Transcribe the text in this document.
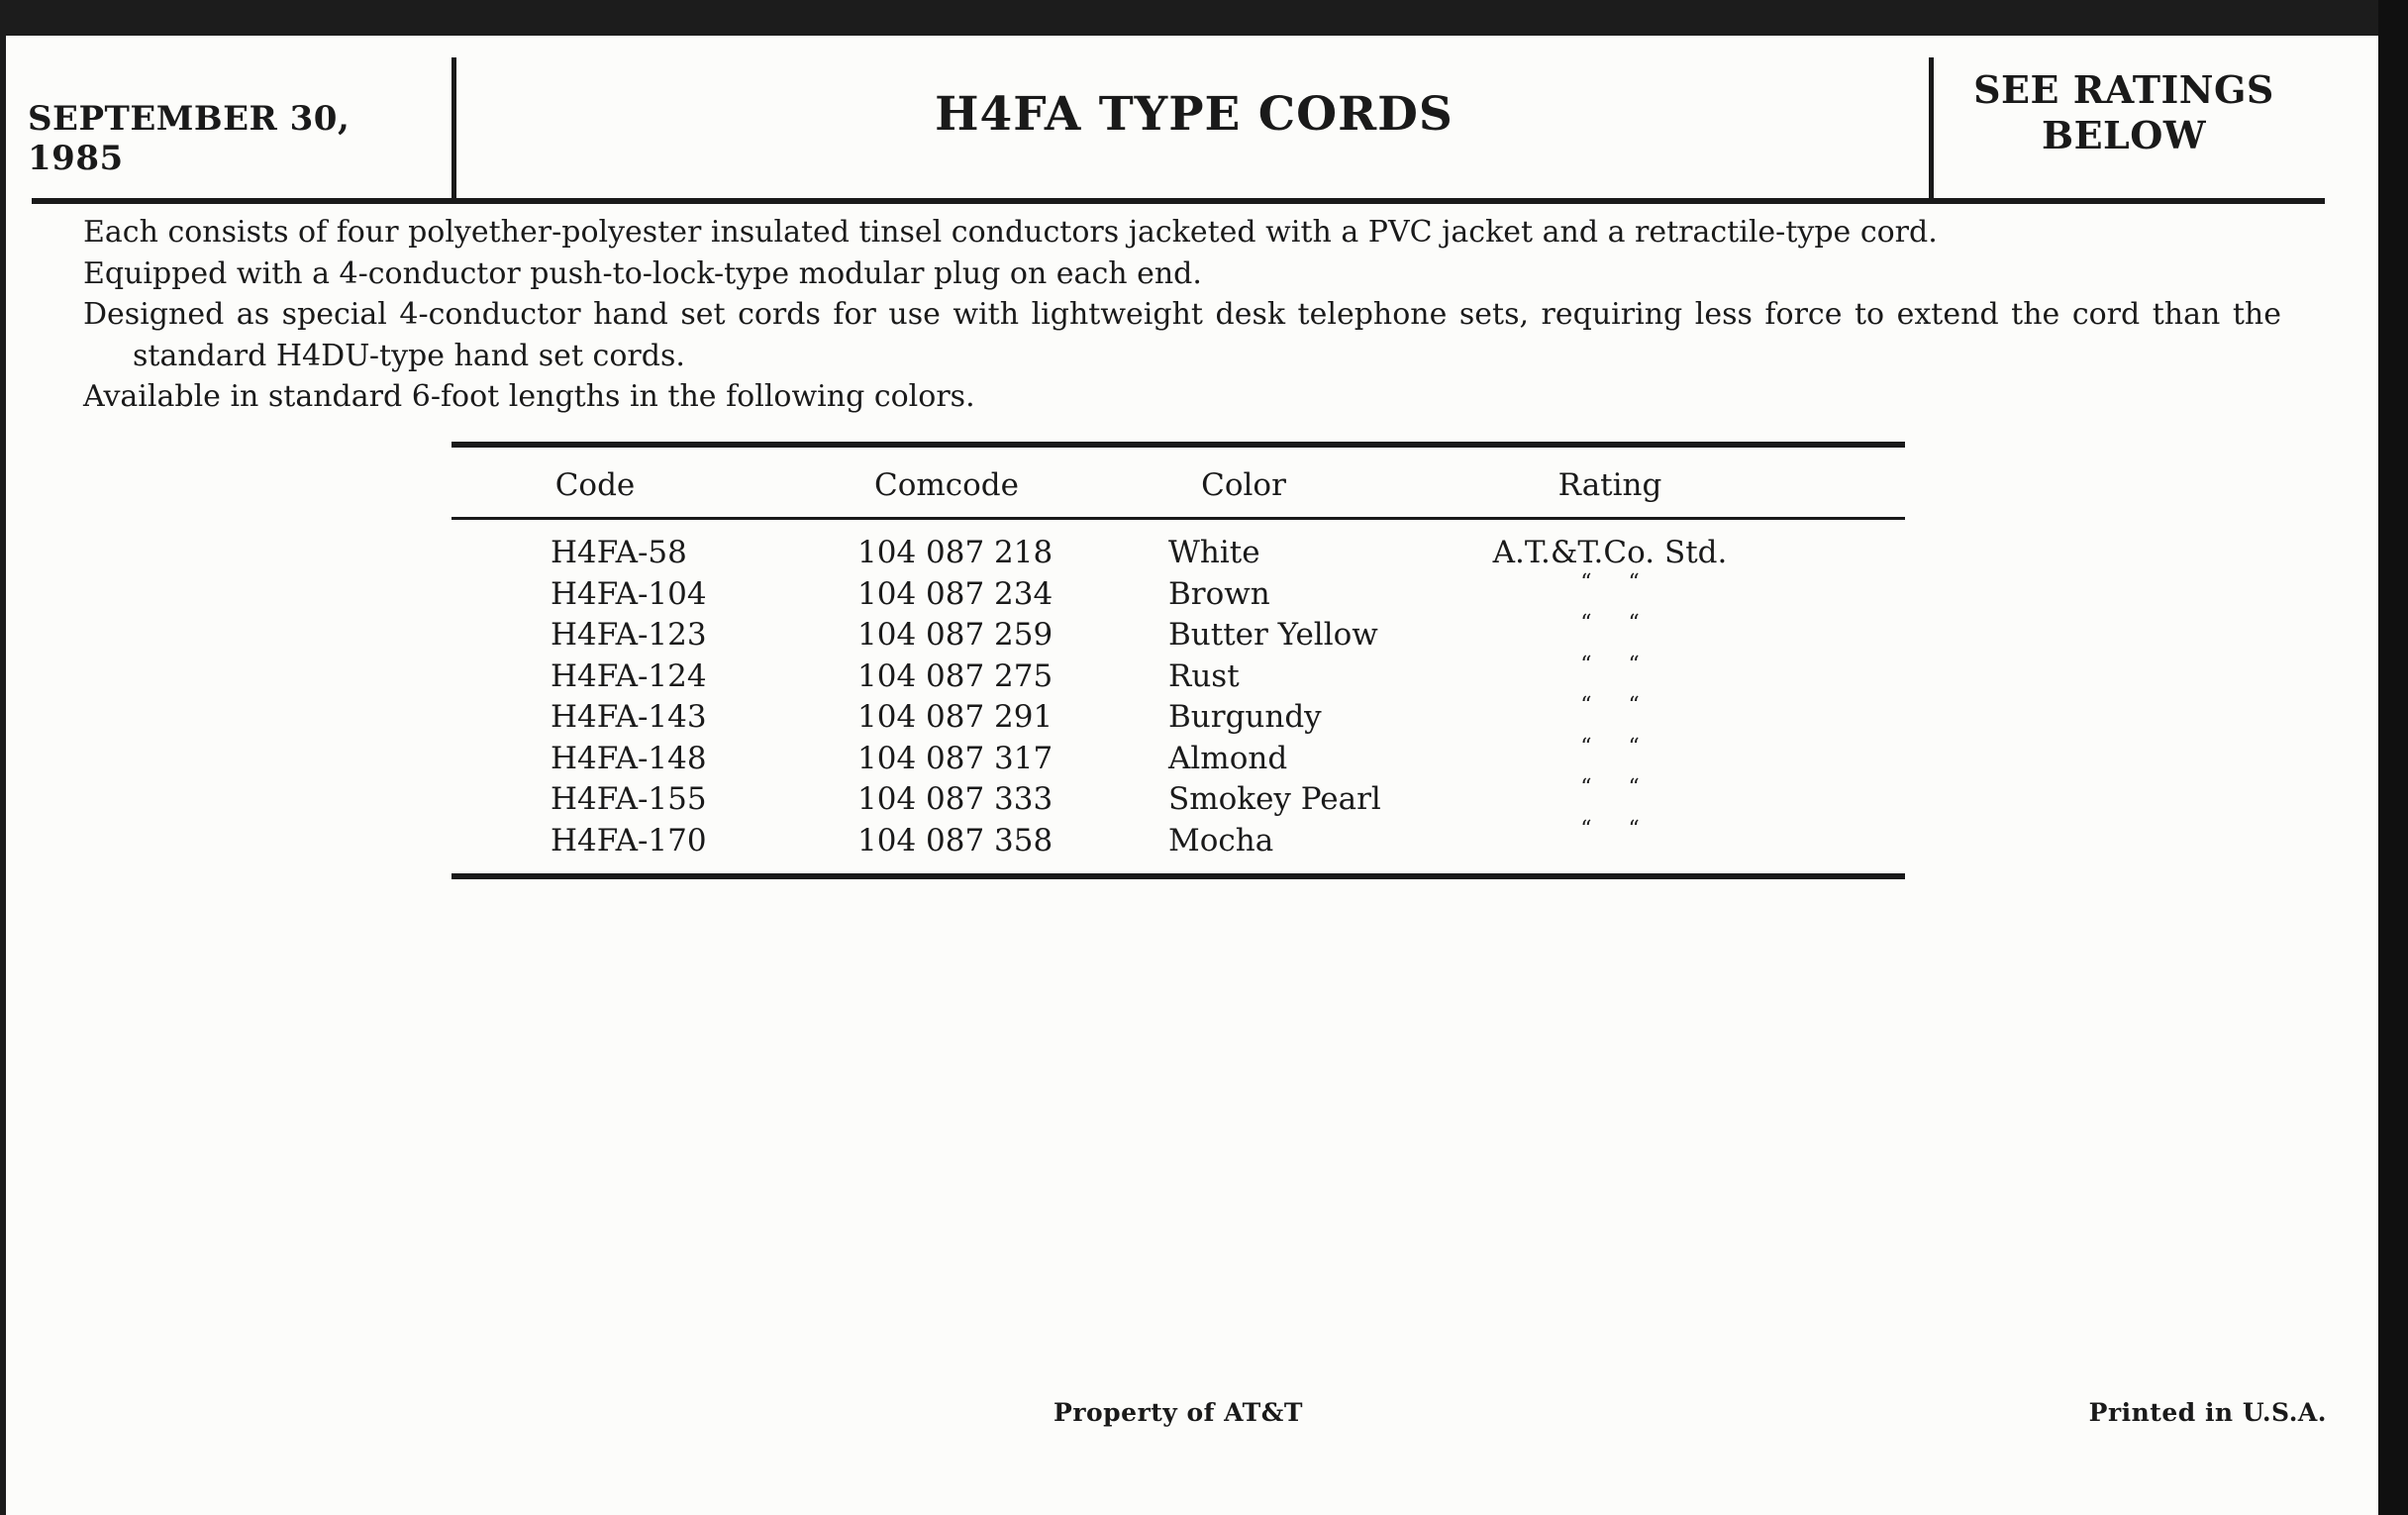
SEPTEMBER 30, 1985
H4FA TYPE CORDS	SEE RATINGS
BELOW

Each consists of four polyether-polyester insulated tinsel conductors jacketed with a PVC jacket and a retractile-type cord.

Equipped with a 4-conductor push-to-lock-type modular plug on each end.

Designed as special 4-conductor hand set cords for use with lightweight desk telephone sets, requiring less force to extend the cord than the standard H4DU-type hand set cords.

Available in standard 6-foot lengths in the following colors.

Code	Comcode	Color	Rating
H4FA-58	104 087 218	White	A.T.&T.Co. Std.
H4FA-104	104 087 234	Brown	“ “
H4FA-123	104 087 259	Butter Yellow	“ “
H4FA-124	104 087 275	Rust	“ “
H4FA-143	104 087 291	Burgundy	“ “
H4FA-148	104 087 317	Almond	“ “
H4FA-155	104 087 333	Smokey Pearl	“ “
H4FA-170	104 087 358	Mocha	“ “
Property of AT&T	Printed in U.S.A.
